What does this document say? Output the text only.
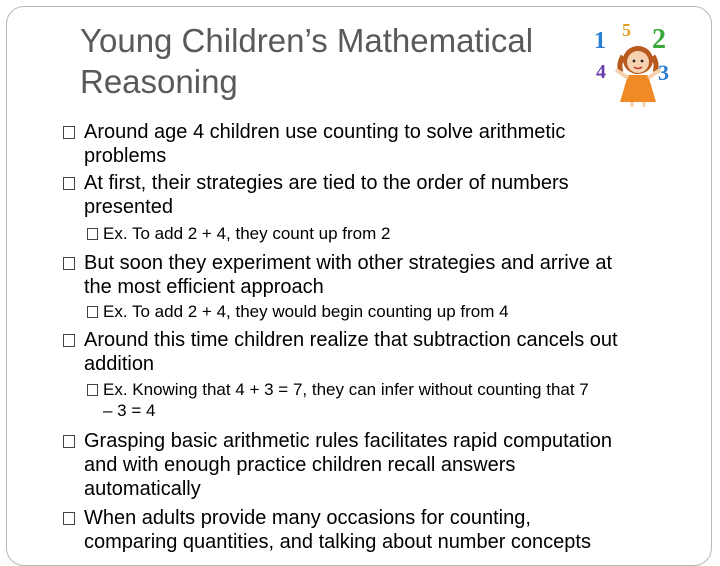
Young Children’s Mathematical
Reasoning
1 5 2
4 3
Around age 4 children use counting to solve arithmetic
problems
At first, their strategies are tied to the order of numbers
presented
Ex. To add 2 + 4, they count up from 2
But soon they experiment with other strategies and arrive at
the most efficient approach
Ex. To add 2 + 4, they would begin counting up from 4
Around this time children realize that subtraction cancels out
addition
Ex. Knowing that 4 + 3 = 7, they can infer without counting that 7
– 3 = 4
Grasping basic arithmetic rules facilitates rapid computation
and with enough practice children recall answers
automatically
When adults provide many occasions for counting,
comparing quantities, and talking about number concepts
